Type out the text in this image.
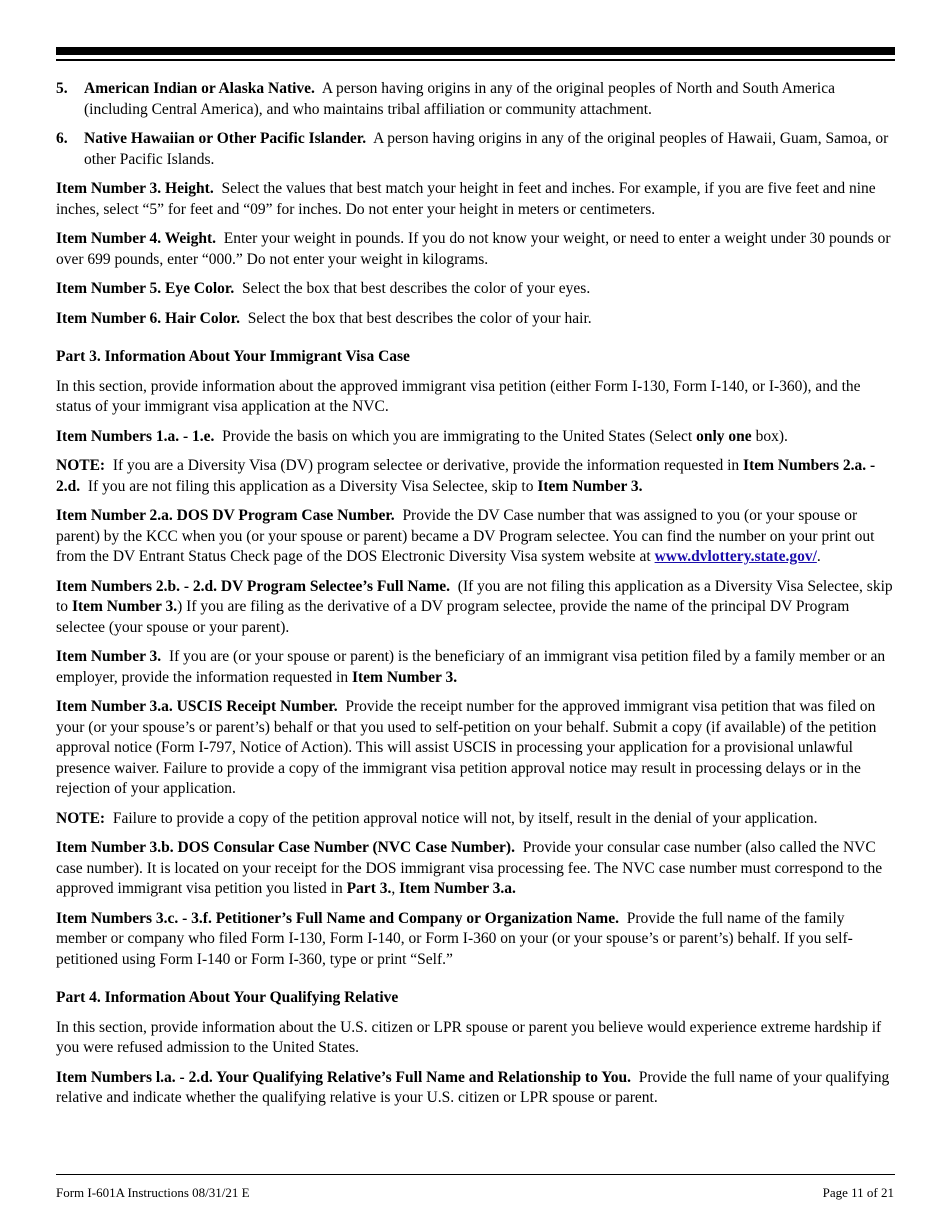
5.	American Indian or Alaska Native. A person having origins in any of the original peoples of North and South America (including Central America), and who maintains tribal affiliation or community attachment.
6.	Native Hawaiian or Other Pacific Islander. A person having origins in any of the original peoples of Hawaii, Guam, Samoa, or other Pacific Islands.

Item Number 3. Height. Select the values that best match your height in feet and inches. For example, if you are five feet and nine inches, select “5” for feet and “09” for inches. Do not enter your height in meters or centimeters.

Item Number 4. Weight. Enter your weight in pounds. If you do not know your weight, or need to enter a weight under 30 pounds or over 699 pounds, enter “000.” Do not enter your weight in kilograms.

Item Number 5. Eye Color. Select the box that best describes the color of your eyes.

Item Number 6. Hair Color. Select the box that best describes the color of your hair.

Part 3. Information About Your Immigrant Visa Case

In this section, provide information about the approved immigrant visa petition (either Form I-130, Form I-140, or I-360), and the status of your immigrant visa application at the NVC.

Item Numbers 1.a. - 1.e. Provide the basis on which you are immigrating to the United States (Select only one box).

NOTE: If you are a Diversity Visa (DV) program selectee or derivative, provide the information requested in Item Numbers 2.a. - 2.d. If you are not filing this application as a Diversity Visa Selectee, skip to Item Number 3.

Item Number 2.a. DOS DV Program Case Number. Provide the DV Case number that was assigned to you (or your spouse or parent) by the KCC when you (or your spouse or parent) became a DV Program selectee. You can find the number on your print out from the DV Entrant Status Check page of the DOS Electronic Diversity Visa system website at www.dvlottery.state.gov/.

Item Numbers 2.b. - 2.d. DV Program Selectee’s Full Name. (If you are not filing this application as a Diversity Visa Selectee, skip to Item Number 3.) If you are filing as the derivative of a DV program selectee, provide the name of the principal DV Program selectee (your spouse or your parent).

Item Number 3. If you are (or your spouse or parent) is the beneficiary of an immigrant visa petition filed by a family member or an employer, provide the information requested in Item Number 3.

Item Number 3.a. USCIS Receipt Number. Provide the receipt number for the approved immigrant visa petition that was filed on your (or your spouse’s or parent’s) behalf or that you used to self-petition on your behalf. Submit a copy (if available) of the petition approval notice (Form I-797, Notice of Action). This will assist USCIS in processing your application for a provisional unlawful presence waiver. Failure to provide a copy of the immigrant visa petition approval notice may result in processing delays or in the rejection of your application.

NOTE: Failure to provide a copy of the petition approval notice will not, by itself, result in the denial of your application.

Item Number 3.b. DOS Consular Case Number (NVC Case Number). Provide your consular case number (also called the NVC case number). It is located on your receipt for the DOS immigrant visa processing fee. The NVC case number must correspond to the approved immigrant visa petition you listed in Part 3., Item Number 3.a.

Item Numbers 3.c. - 3.f. Petitioner’s Full Name and Company or Organization Name. Provide the full name of the family member or company who filed Form I-130, Form I-140, or Form I-360 on your (or your spouse’s or parent’s) behalf. If you self-petitioned using Form I-140 or Form I-360, type or print “Self.”

Part 4. Information About Your Qualifying Relative

In this section, provide information about the U.S. citizen or LPR spouse or parent you believe would experience extreme hardship if you were refused admission to the United States.

Item Numbers l.a. - 2.d. Your Qualifying Relative’s Full Name and Relationship to You. Provide the full name of your qualifying relative and indicate whether the qualifying relative is your U.S. citizen or LPR spouse or parent.

Form I-601A Instructions 08/31/21 E	Page 11 of 21
